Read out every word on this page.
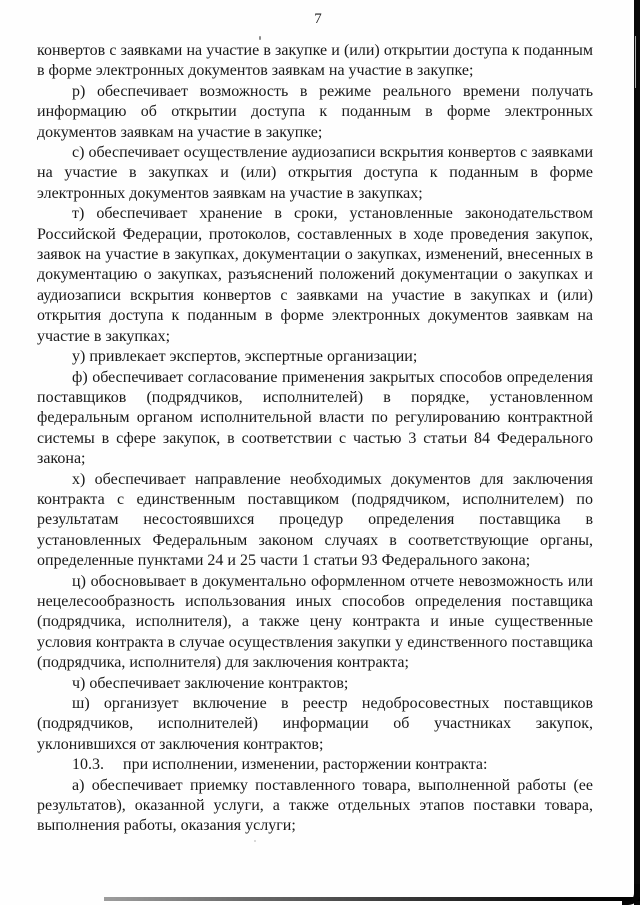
7

конвертов с заявками на участие в закупке и (или) открытии доступа к поданным в форме электронных документов заявкам на участие в закупке;

р) обеспечивает возможность в режиме реального времени получать информацию об открытии доступа к поданным в форме электронных документов заявкам на участие в закупке;

с) обеспечивает осуществление аудиозаписи вскрытия конвертов с заявками на участие в закупках и (или) открытия доступа к поданным в форме электронных документов заявкам на участие в закупках;

т) обеспечивает хранение в сроки, установленные законодательством Российской Федерации, протоколов, составленных в ходе проведения закупок, заявок на участие в закупках, документации о закупках, изменений, внесенных в документацию о закупках, разъяснений положений документации о закупках и аудиозаписи вскрытия конвертов с заявками на участие в закупках и (или) открытия доступа к поданным в форме электронных документов заявкам на участие в закупках;

у) привлекает экспертов, экспертные организации;

ф) обеспечивает согласование применения закрытых способов определения поставщиков (подрядчиков, исполнителей) в порядке, установленном федеральным органом исполнительной власти по регулированию контрактной системы в сфере закупок, в соответствии с частью 3 статьи 84 Федерального закона;

х) обеспечивает направление необходимых документов для заключения контракта с единственным поставщиком (подрядчиком, исполнителем) по результатам несостоявшихся процедур определения поставщика в установленных Федеральным законом случаях в соответствующие органы, определенные пунктами 24 и 25 части 1 статьи 93 Федерального закона;

ц) обосновывает в документально оформленном отчете невозможность или нецелесообразность использования иных способов определения поставщика (подрядчика, исполнителя), а также цену контракта и иные существенные условия контракта в случае осуществления закупки у единственного поставщика (подрядчика, исполнителя) для заключения контракта;

ч) обеспечивает заключение контрактов;

ш) организует включение в реестр недобросовестных поставщиков (подрядчиков, исполнителей) информации об участниках закупок, уклонившихся от заключения контрактов;

10.3. при исполнении, изменении, расторжении контракта:

а) обеспечивает приемку поставленного товара, выполненной работы (ее результатов), оказанной услуги, а также отдельных этапов поставки товара, выполнения работы, оказания услуги;
